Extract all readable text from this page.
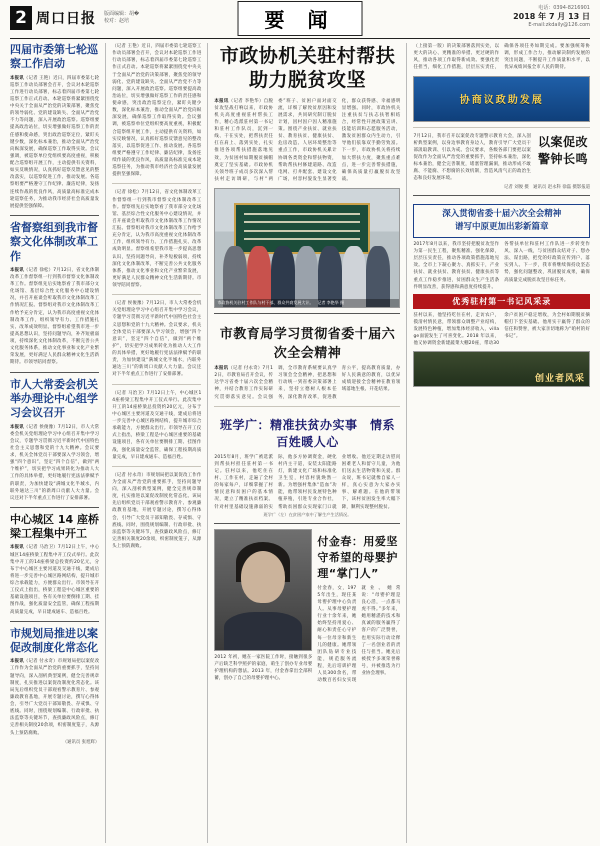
2 周口日报 版面编辑：胡�
校对：赵培	要 闻	电话：0394-8216901
2018 年 7 月 13 日
E-mail:zkdaily@126.com
四届市委第七轮巡察工作启动
本报讯（记者 王艳）近日，四届市委第七轮巡察工作动员部署会召开，会议对本轮巡察工作进行动员部署，标志着四届市委第七轮巡察工作正式启动。本轮巡察将紧紧围绕党中央关于全面从严治党的决策部署，聚焦党的领导弱化、党的建设缺失、全面从严治党不力等问题，深入开展政治巡察。巡察组要提高政治站位，切实增强做好巡察工作的责任感和使命感，突出政治巡察定位，紧盯关键少数，深化标本兼治，推动全面从严治党向纵深发展，确保巡察工作取得实效。会议强调，被巡察单位党组织要高度重视，积极配合巡察组开展工作，主动提供有关资料，如实反映情况，认真抓好巡察反馈意见的整改落实，以巡察促进工作、推动发展。各巡察组要严格遵守工作纪律、廉洁纪律，发扬连续作战的优良作风，高质量高标准完成本轮巡察任务，为推动我市经济社会高质量发展提供坚强保障。
省督察组到我市督察文化体制改革工作
本报讯（记者 徐松）7月12日，省文化体制改革工作督察组一行到我市督察文化体制改革工作。督察组先后实地察看了我市部分文化场馆、基层综合性文化服务中心建设情况，并召开座谈会听取我市文化体制改革工作情况汇报。督察组对我市文化体制改革工作给予充分肯定，认为我市高度重视文化体制改革工作，组织领导有力、工作措施扎实、改革成效明显。督察组希望我市进一步提高思想认识，坚持问题导向，补齐短板弱项，持续深化文化体制改革，不断完善公共文化服务体系，推动文化事业和文化产业繁荣发展，更好满足人民群众精神文化生活新期待。市领导陪同督察。
市人大常委会机关举办理论中心组学习会议召开
本报讯（记者 侯俊豫）7月12日，市人大常委会机关党组理论学习中心组召开集中学习会议，专题学习贯彻习近平新时代中国特色社会主义思想和党的十九大精神。会议要求，机关全体党员干部要深入学习领会，增强“四个意识”，坚定“四个自信”，做到“两个维护”，切实把学习成果转化为推动人大工作的具体举措，更好地履行宪法法律赋予的职责，为加快建设“满城文化半城水，内联外通达三川”的新周口贡献人大力量。会议还对下半年重点工作进行了安排部署。
中心城区 14 座桥梁工程集中开工
本报讯（记者 马治卫）7月12日上午，中心城区14座桥梁工程集中开工仪式举行。此次集中开工的14座桥梁总投资约20亿元，分布于中心城区主要河道及交通干线，建成后将进一步完善中心城区路网结构，提升城市综合承载能力，方便群众出行。市领导在开工仪式上指出，桥梁工程是中心城区重要的基础设施项目，各有关单位要倒排工期、挂图作战，强化质量安全监管，确保工程按期高质量完成，早日建成通车、造福百姓。
市规划局推进以案促改制度化常态化
本报讯（记者 付永奇）市规划局把以案促改工作作为全面从严治党的重要抓手，坚持问题导向，深入剖析典型案例，健全完善规章制度，扎实推进以案促改制度化常态化。该局先后组织党员干部观看警示教育片、参观廉政教育基地，开展专题讨论，撰写心得体会，引导广大党员干部知敬畏、存戒惧、守底线。同时，围绕规划编制、行政审批、执法监察等关键环节，查找廉政风险点，修订完善相关制度20余项，织密制度笼子，从源头上预防腐败。
（通讯员 张旭辉）
（记者 王艳）近日，四届市委第七轮巡察工作动员部署会召开，会议对本轮巡察工作进行动员部署，标志着四届市委第七轮巡察工作正式启动。本轮巡察将紧紧围绕党中央关于全面从严治党的决策部署，聚焦党的领导弱化、党的建设缺失、全面从严治党不力等问题，深入开展政治巡察。巡察组要提高政治站位，切实增强做好巡察工作的责任感和使命感，突出政治巡察定位，紧盯关键少数，深化标本兼治，推动全面从严治党向纵深发展，确保巡察工作取得实效。会议强调，被巡察单位党组织要高度重视，积极配合巡察组开展工作，主动提供有关资料，如实反映情况，认真抓好巡察反馈意见的整改落实，以巡察促进工作、推动发展。各巡察组要严格遵守工作纪律、廉洁纪律，发扬连续作战的优良作风，高质量高标准完成本轮巡察任务，为推动我市经济社会高质量发展提供坚强保障。
（记者 徐松）7月12日，省文化体制改革工作督察组一行到我市督察文化体制改革工作。督察组先后实地察看了我市部分文化场馆、基层综合性文化服务中心建设情况，并召开座谈会听取我市文化体制改革工作情况汇报。督察组对我市文化体制改革工作给予充分肯定，认为我市高度重视文化体制改革工作，组织领导有力、工作措施扎实、改革成效明显。督察组希望我市进一步提高思想认识，坚持问题导向，补齐短板弱项，持续深化文化体制改革，不断完善公共文化服务体系，推动文化事业和文化产业繁荣发展，更好满足人民群众精神文化生活新期待。市领导陪同督察。
（记者 侯俊豫）7月12日，市人大常委会机关党组理论学习中心组召开集中学习会议，专题学习贯彻习近平新时代中国特色社会主义思想和党的十九大精神。会议要求，机关全体党员干部要深入学习领会，增强“四个意识”，坚定“四个自信”，做到“两个维护”，切实把学习成果转化为推动人大工作的具体举措，更好地履行宪法法律赋予的职责，为加快建设“满城文化半城水，内联外通达三川”的新周口贡献人大力量。会议还对下半年重点工作进行了安排部署。
（记者 马治卫）7月12日上午，中心城区14座桥梁工程集中开工仪式举行。此次集中开工的14座桥梁总投资约20亿元，分布于中心城区主要河道及交通干线，建成后将进一步完善中心城区路网结构，提升城市综合承载能力，方便群众出行。市领导在开工仪式上指出，桥梁工程是中心城区重要的基础设施项目，各有关单位要倒排工期、挂图作战，强化质量安全监管，确保工程按期高质量完成，早日建成通车、造福百姓。
（记者 付永奇）市规划局把以案促改工作作为全面从严治党的重要抓手，坚持问题导向，深入剖析典型案例，健全完善规章制度，扎实推进以案促改制度化常态化。该局先后组织党员干部观看警示教育片、参观廉政教育基地，开展专题讨论，撰写心得体会，引导广大党员干部知敬畏、存戒惧、守底线。同时，围绕规划编制、行政审批、执法监察等关键环节，查找廉政风险点，修订完善相关制度20余项，织密制度笼子，从源头上预防腐败。
市政协机关驻村帮扶助力脱贫攻坚
本报讯（记者 李艳华）自脱贫攻坚战打响以来，市政协机关高度重视驻村帮扶工作，精心选派驻村第一书记和驻村工作队员，沉到一线、干在实处，把帮扶责任扛在肩上、落到实处，扎实推进各项帮扶措施落地见效，为贫困村如期脱贫摘帽奠定了坚实基础。市政协机关领导班子成员多次深入帮扶村走访调研，与村“两委”班子、贫困户面对面交流，详细了解致贫原因和发展需求，共同研究制订脱贫计划，因村因户因人精准施策。围绕产业扶贫、就业扶贫、教育扶贫、健康扶贫、危房改造、人居环境整治等重点工作，市政协机关累计协调各类资金和帮扶物资，帮助帮扶村修建道路、改造电网、打井配套、建设文化广场，村容村貌发生显著变化，群众获得感、幸福感明显增强。同时，市政协机关注重扶贫与扶志扶智相结合，经常性开展政策宣讲、技能培训和志愿服务活动，激发贫困群众内生动力，引导他们依靠双手勤劳致富。下一步，市政协机关将持续加大帮扶力度，聚焦重点难点，进一步完善帮扶措施，确保高质量打赢脱贫攻坚战。
市政协机关驻村工作队与村干部、群众共商发展大计。　记者 李艳华 摄
市教育局学习贯彻省委十届六次全会精神
本报讯（记者 付永奇）7月12日，市教育局召开会议，传达学习省委十届六次全会精神，并结合教育工作实际研究贯彻落实意见。会议强调，全市教育系统要认真学习领会全会精神，把思想和行动统一到省委决策部署上来，坚持立德树人根本任务，深化教育改革，促进教育公平，提高教育质量，办好人民满意的教育，以优异成绩迎接全会精神在教育领域落地生根、开花结果。
班学广：精准扶贫办实事　情系百姓暖人心
2015年8月，班学广被选派到帮扶村担任驻村第一书记。驻村以来，他吃住在村、工作在村，走遍了全村的每家每户，详细掌握了村情民意和贫困户的基本情况，建立了精准扶贫档案。针对村里基础设施薄弱的实际，他多方协调资金，硬化村内主干道，安装太阳能路灯，新建文化广场和标准化卫生室，村容村貌焕然一新。为增强村集体“造血”功能，他带领村民发展特色种植养殖，引进专业合作社，帮助贫困群众实现家门口就业增收。他还定期走访慰问困难老人和留守儿童，为他们送去生活物资和关爱。群众说，班书记就像自家人一样，真心实意为大家办实事、解难题。在他的带领下，该村贫困发生率大幅下降，顺利实现整村脱贫。
班学广（左）在贫困户家中了解生产生活情况。
2012 年初，她在一家医院工作时，接触到很多产后缺乏科学照护的家庭，萌生了创办专业母婴护理机构的想法。2013 年，付金春拿出全部积蓄，创办了自己的母婴护理中心。
付金春：用爱坚守希望的母婴护理“掌门人”
付金春，女，1975年出生，现任某母婴护理中心负责人。从事母婴护理行业十余年来，她始终坚持用爱心、耐心和责任心守护每一位母亲和新生儿的健康。她带领团队钻研专业技能，规范服务流程，先后培训护理人员300余名，带动数百名妇女实现就业。她常说：“母婴护理是良心活，一点都马虎不得。”多年来，她用精湛的技术和真诚的服务赢得了客户的广泛赞誉，也用实际行动诠释了一名创业者的责任与担当。她先后被授予多项荣誉称号，并被推选为行业协会理事。
（上接第一版）的决策部署落到实处，以更大的决心、更精准的举措、更过硬的作风，推动各项工作取得新成效。要强化责任担当，细化工作措施，层层压实责任，确保各项任务如期完成。要加强统筹协调，形成工作合力，推动解决制约发展的突出问题，不断提升工作质量和水平，以优异成绩回报全市人民的期待。
协商议政助发展
7月12日，我市召开以案促改专题警示教育大会，深入剖析典型案例，以身边事教育身边人，教育引导广大党员干部汲取教训、引以为戒。会议要求，各级各部门要把以案促改作为全面从严治党的重要抓手，坚持标本兼治，深化标本兼治，健全完善制度，堵塞管理漏洞，推动形成不敢腐、不能腐、不想腐的长效机制，营造风清气正的政治生态和良好发展环境。
以案促改
警钟长鸣
记者 刘俊 摄　通讯员 赵永科 徐磊 摄影报道
深入贯彻省委十届六次全会精神
谱写中原更加出彩新篇章
2017年8月以来，我市坚持把脱贫攻坚作为第一民生工程，聚焦精准、强化保障，层层压实责任，推动各项政策措施落地见效。全市上下凝心聚力、真抓实干，产业扶贫、就业扶贫、教育扶贫、健康扶贫等重点工作稳步推进，贫困群众生产生活条件明显改善，获得感和满意度持续提升。
各帮扶单位和驻村工作队进一步转变作风、深入一线，与贫困群众结对子、想办法、谋出路，把党的好政策宣传到户、落实到人。下一步，我市将继续保持攻坚态势，强化问题整改，巩固脱贫成果，确保高质量完成脱贫攻坚目标任务。
优秀驻村第一书记风采录
驻村以来，他坚持吃住在村，走访农户，摸清村情民意，带领群众调整产业结构，发展特色种植，增加集体经济收入，village面貌发生了可喜变化。2018 年以来，他又协调资金新建蔬菜大棚20座，带动30余户贫困户稳定增收，为全村如期脱贫摘帽打下坚实基础。他用实干赢得了群众的信任和赞誉，被大家亲切地称为“咱村的好书记”。
创业者风采
